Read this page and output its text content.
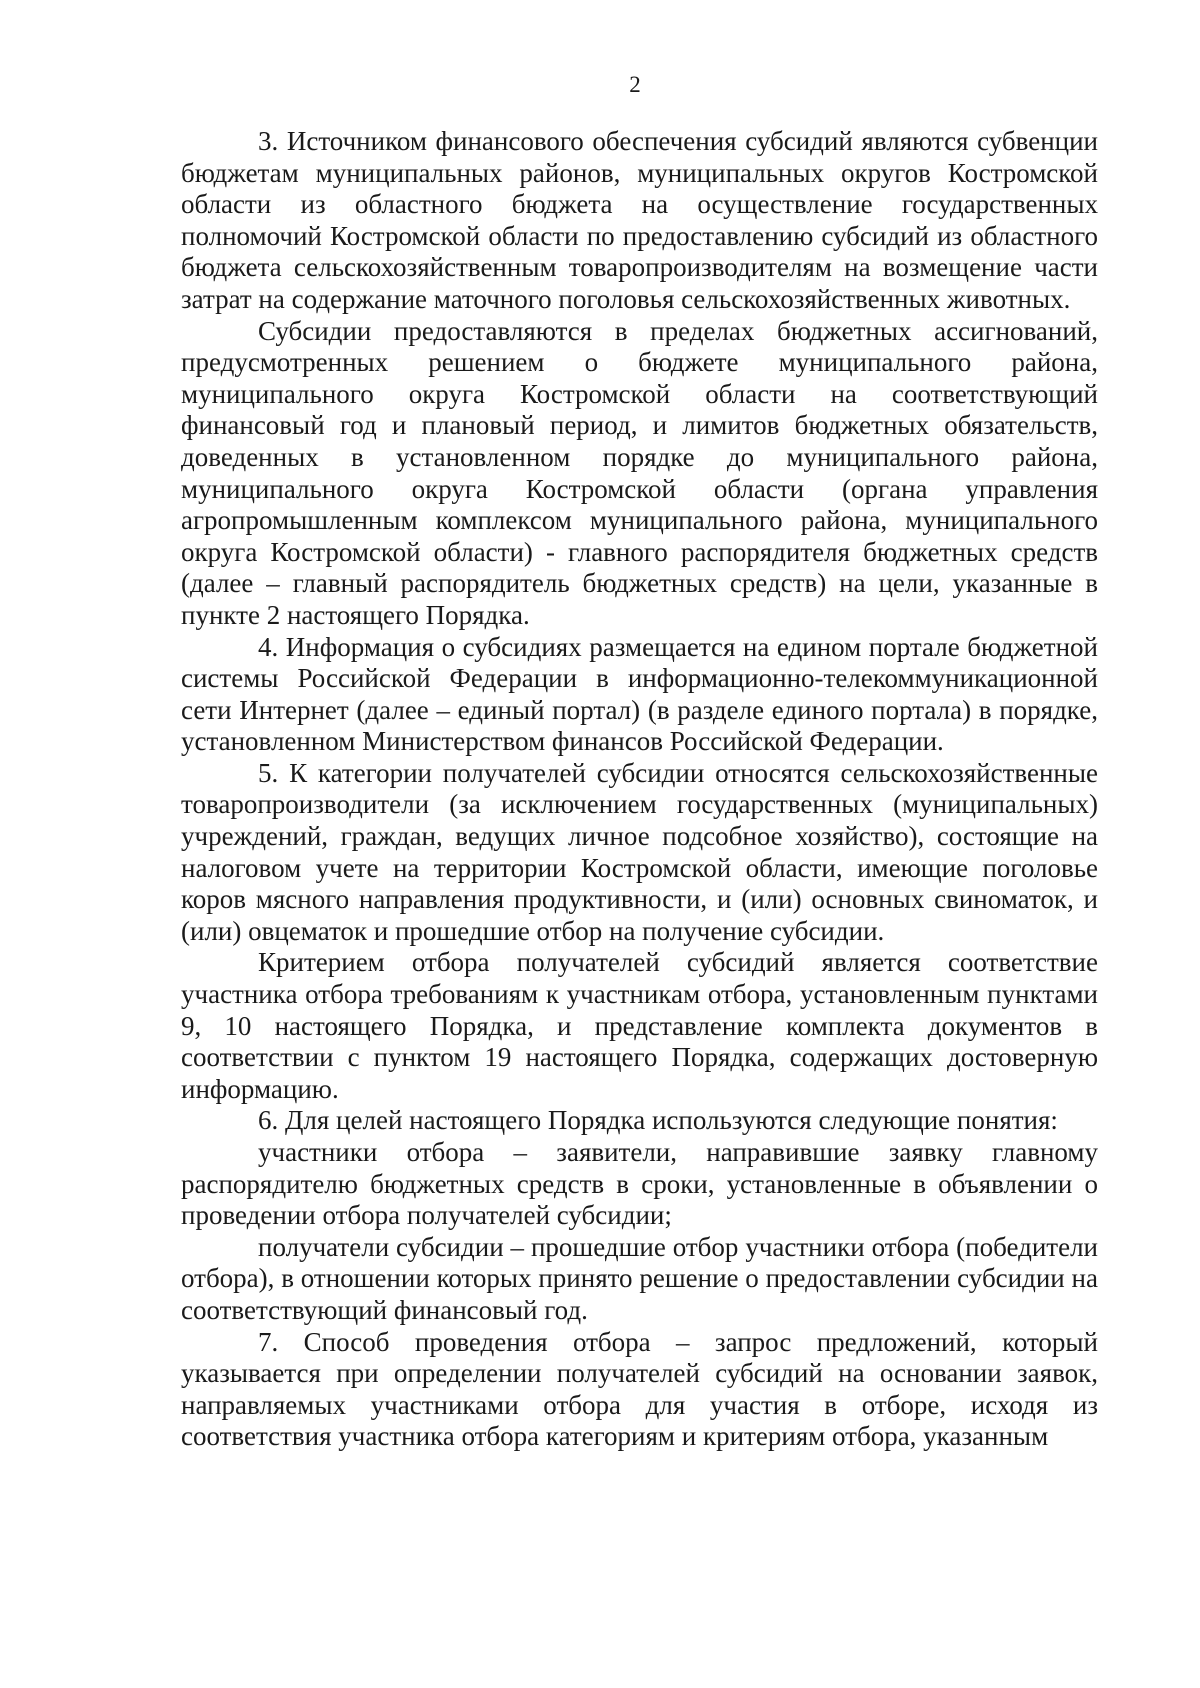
2

3. Источником финансового обеспечения субсидий являются субвенции бюджетам муниципальных районов, муниципальных округов Костромской области из областного бюджета на осуществление государственных полномочий Костромской области по предоставлению субсидий из областного бюджета сельскохозяйственным товаропроизводителям на возмещение части затрат на содержание маточного поголовья сельскохозяйственных животных.

Субсидии предоставляются в пределах бюджетных ассигнований, предусмотренных решением о бюджете муниципального района, муниципального округа Костромской области на соответствующий финансовый год и плановый период, и лимитов бюджетных обязательств, доведенных в установленном порядке до муниципального района, муниципального округа Костромской области (органа управления агропромышленным комплексом муниципального района, муниципального округа Костромской области) - главного распорядителя бюджетных средств (далее – главный распорядитель бюджетных средств) на цели, указанные в пункте 2 настоящего Порядка.

4. Информация о субсидиях размещается на едином портале бюджетной системы Российской Федерации в информационно-телекоммуникационной сети Интернет (далее – единый портал) (в разделе единого портала) в порядке, установленном Министерством финансов Российской Федерации.

5. К категории получателей субсидии относятся сельскохозяйственные товаропроизводители (за исключением государственных (муниципальных) учреждений, граждан, ведущих личное подсобное хозяйство), состоящие на налоговом учете на территории Костромской области, имеющие поголовье коров мясного направления продуктивности, и (или) основных свиноматок, и (или) овцематок и прошедшие отбор на получение субсидии.

Критерием отбора получателей субсидий является соответствие участника отбора требованиям к участникам отбора, установленным пунктами 9, 10 настоящего Порядка, и представление комплекта документов в соответствии с пунктом 19 настоящего Порядка, содержащих достоверную информацию.

6. Для целей настоящего Порядка используются следующие понятия:

участники отбора – заявители, направившие заявку главному распорядителю бюджетных средств в сроки, установленные в объявлении о проведении отбора получателей субсидии;

получатели субсидии – прошедшие отбор участники отбора (победители отбора), в отношении которых принято решение о предоставлении субсидии на соответствующий финансовый год.

7. Способ проведения отбора – запрос предложений, который указывается при определении получателей субсидий на основании заявок, направляемых участниками отбора для участия в отборе, исходя из соответствия участника отбора категориям и критериям отбора, указанным
